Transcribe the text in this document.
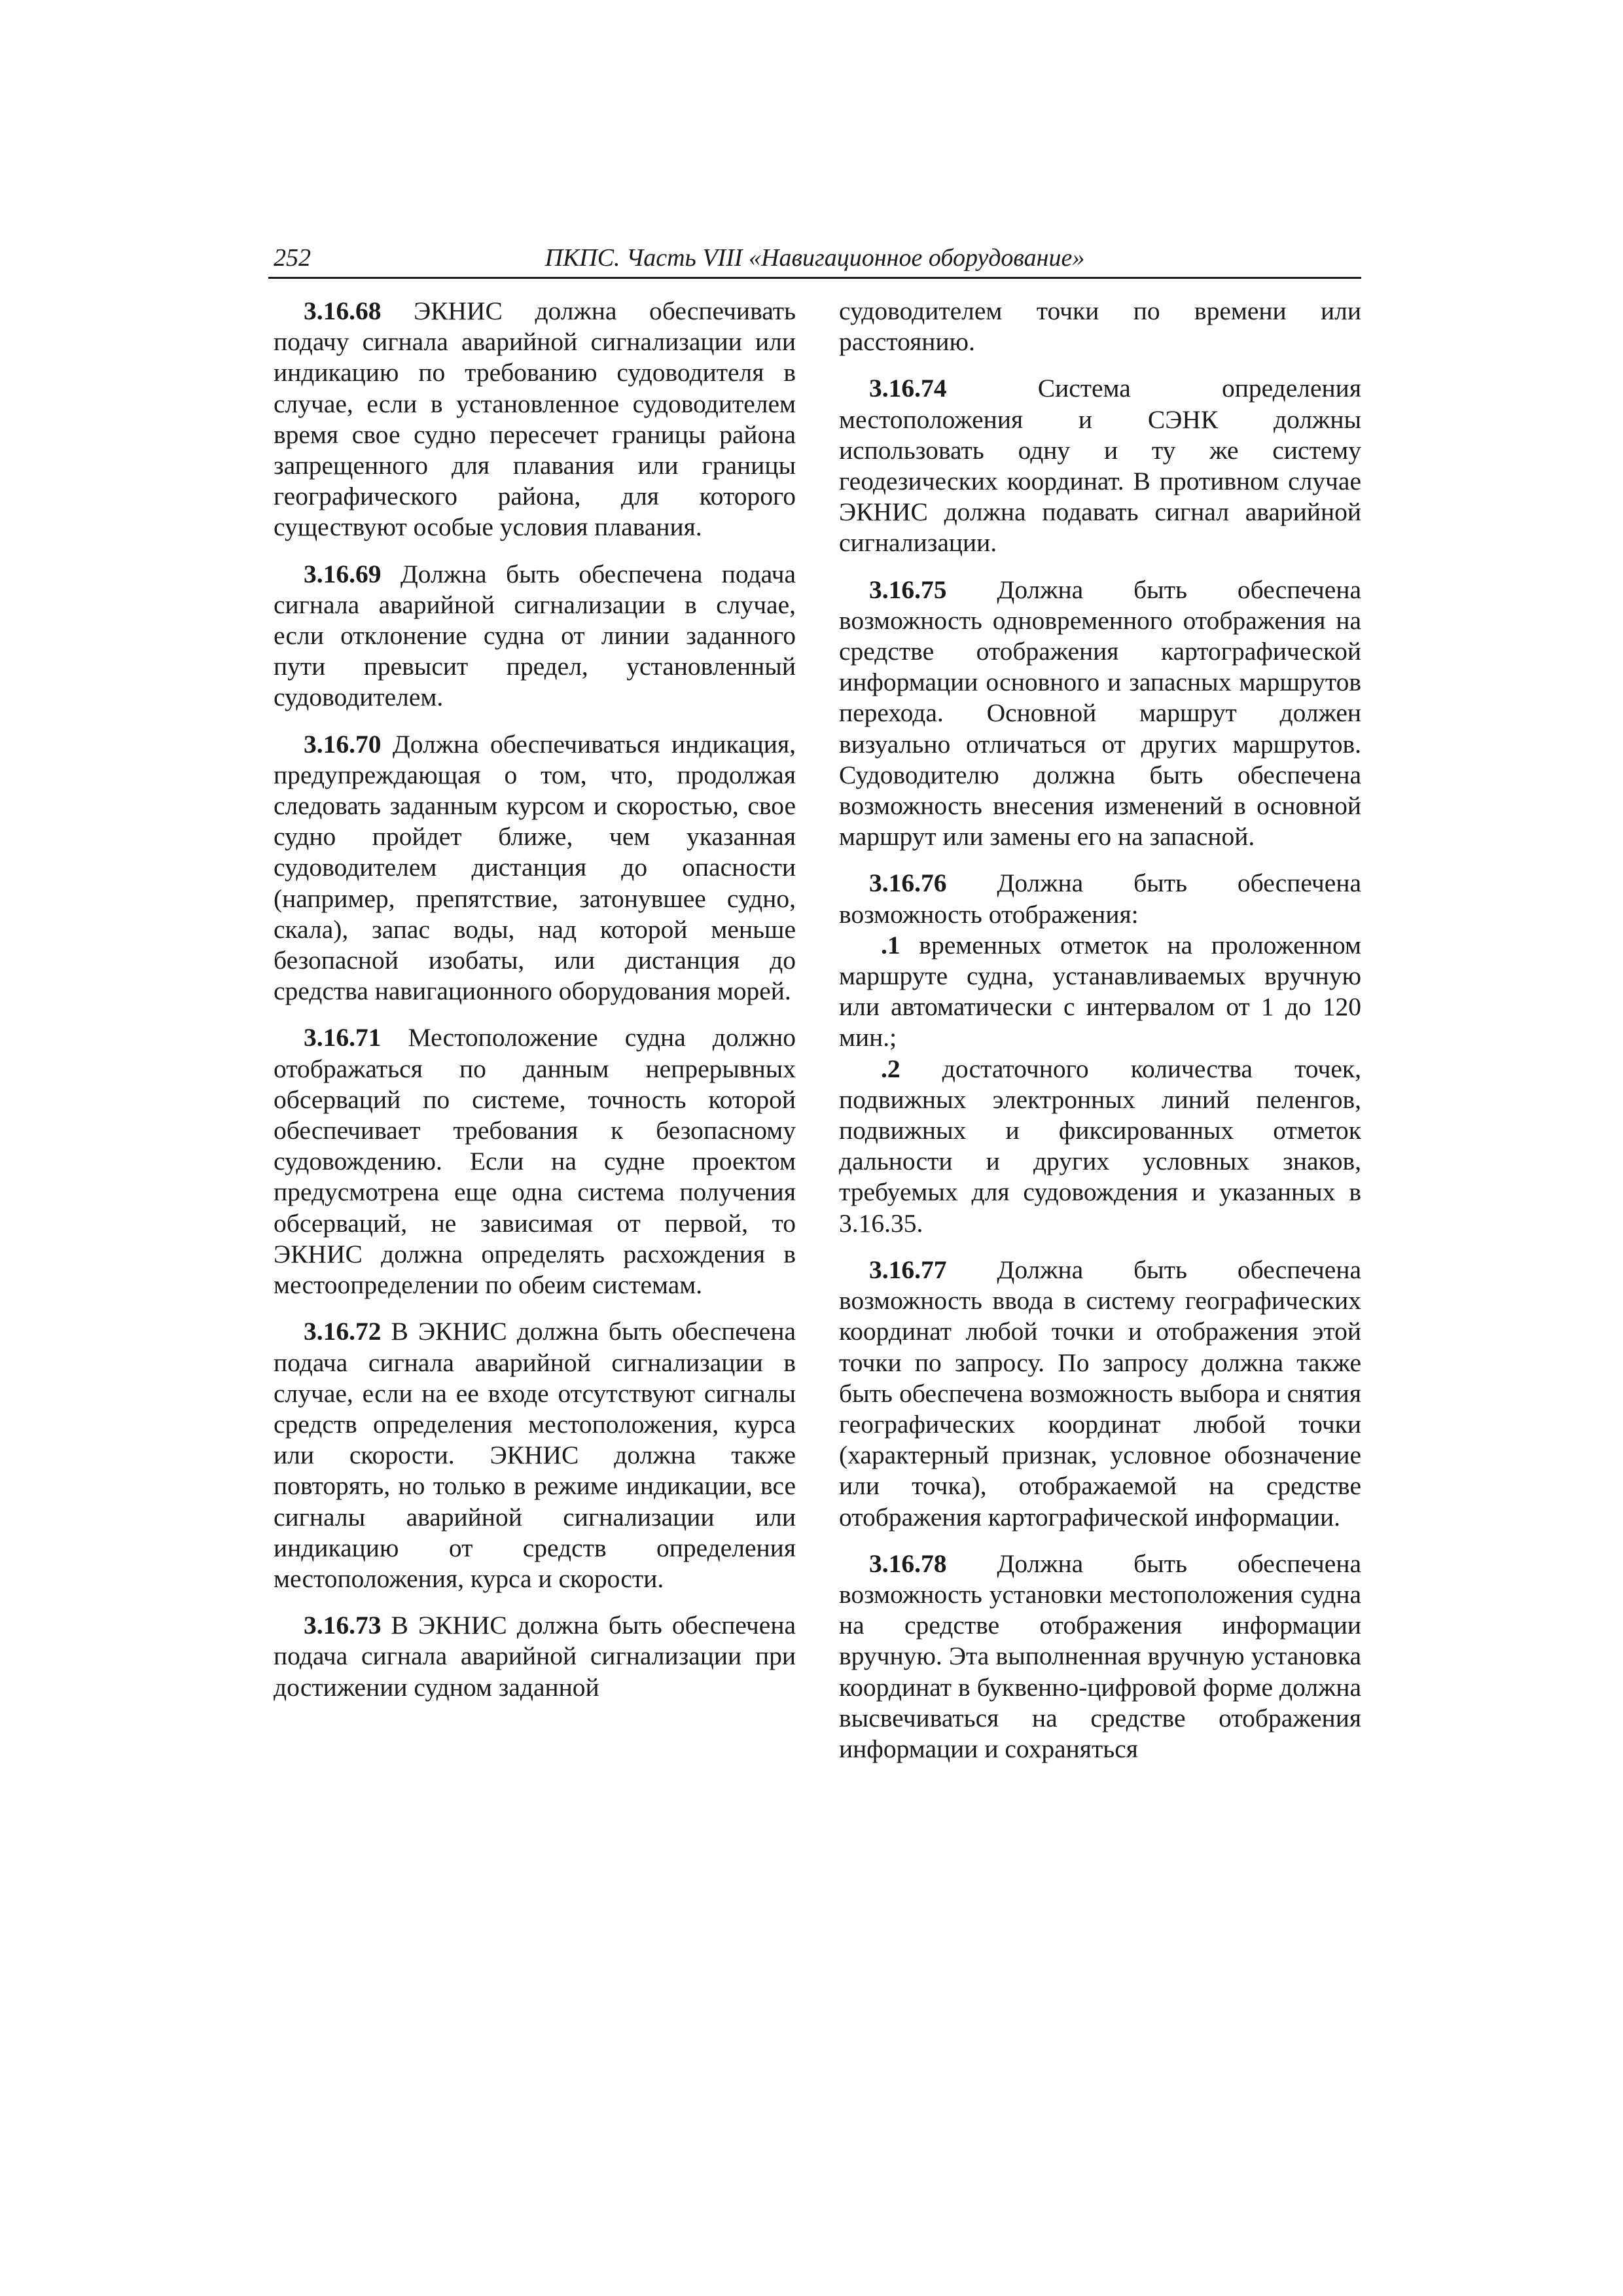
252	ПКПС. Часть VIII «Навигационное оборудование»

3.16.68 ЭКНИС должна обеспечивать подачу сигнала аварийной сигнализации или индикацию по требованию судоводителя в случае, если в установленное судоводителем время свое судно пересечет границы района запрещенного для плавания или границы географического района, для которого существуют особые условия плавания.

3.16.69 Должна быть обеспечена подача сигнала аварийной сигнализации в случае, если отклонение судна от линии заданного пути превысит предел, установленный судоводителем.

3.16.70 Должна обеспечиваться индикация, предупреждающая о том, что, продолжая следовать заданным курсом и скоростью, свое судно пройдет ближе, чем указанная судоводителем дистанция до опасности (например, препятствие, затонувшее судно, скала), запас воды, над которой меньше безопасной изобаты, или дистанция до средства навигационного оборудования морей.

3.16.71 Местоположение судна должно отображаться по данным непрерывных обсерваций по системе, точность которой обеспечивает требования к безопасному судовождению. Если на судне проектом предусмотрена еще одна система получения обсерваций, не зависимая от первой, то ЭКНИС должна определять расхождения в местоопределении по обеим системам.

3.16.72 В ЭКНИС должна быть обеспечена подача сигнала аварийной сигнализации в случае, если на ее входе отсутствуют сигналы средств определения местоположения, курса или скорости. ЭКНИС должна также повторять, но только в режиме индикации, все сигналы аварийной сигнализации или индикацию от средств определения местоположения, курса и скорости.

3.16.73 В ЭКНИС должна быть обеспечена подача сигнала аварийной сигнализации при достижении судном заданной

судоводителем точки по времени или расстоянию.

3.16.74 Система определения местоположения и СЭНК должны использовать одну и ту же систему геодезических координат. В противном случае ЭКНИС должна подавать сигнал аварийной сигнализации.

3.16.75 Должна быть обеспечена возможность одновременного отображения на средстве отображения картографической информации основного и запасных маршрутов перехода. Основной маршрут должен визуально отличаться от других маршрутов. Судоводителю должна быть обеспечена возможность внесения изменений в основной маршрут или замены его на запасной.

3.16.76 Должна быть обеспечена возможность отображения:

.1 временных отметок на проложенном маршруте судна, устанавливаемых вручную или автоматически с интервалом от 1 до 120 мин.;

.2 достаточного количества точек, подвижных электронных линий пеленгов, подвижных и фиксированных отметок дальности и других условных знаков, требуемых для судовождения и указанных в 3.16.35.

3.16.77 Должна быть обеспечена возможность ввода в систему географических координат любой точки и отображения этой точки по запросу. По запросу должна также быть обеспечена возможность выбора и снятия географических координат любой точки (характерный признак, условное обозначение или точка), отображаемой на средстве отображения картографической информации.

3.16.78 Должна быть обеспечена возможность установки местоположения судна на средстве отображения информации вручную. Эта выполненная вручную установка координат в буквенно-цифровой форме должна высвечиваться на средстве отображения информации и сохраняться
